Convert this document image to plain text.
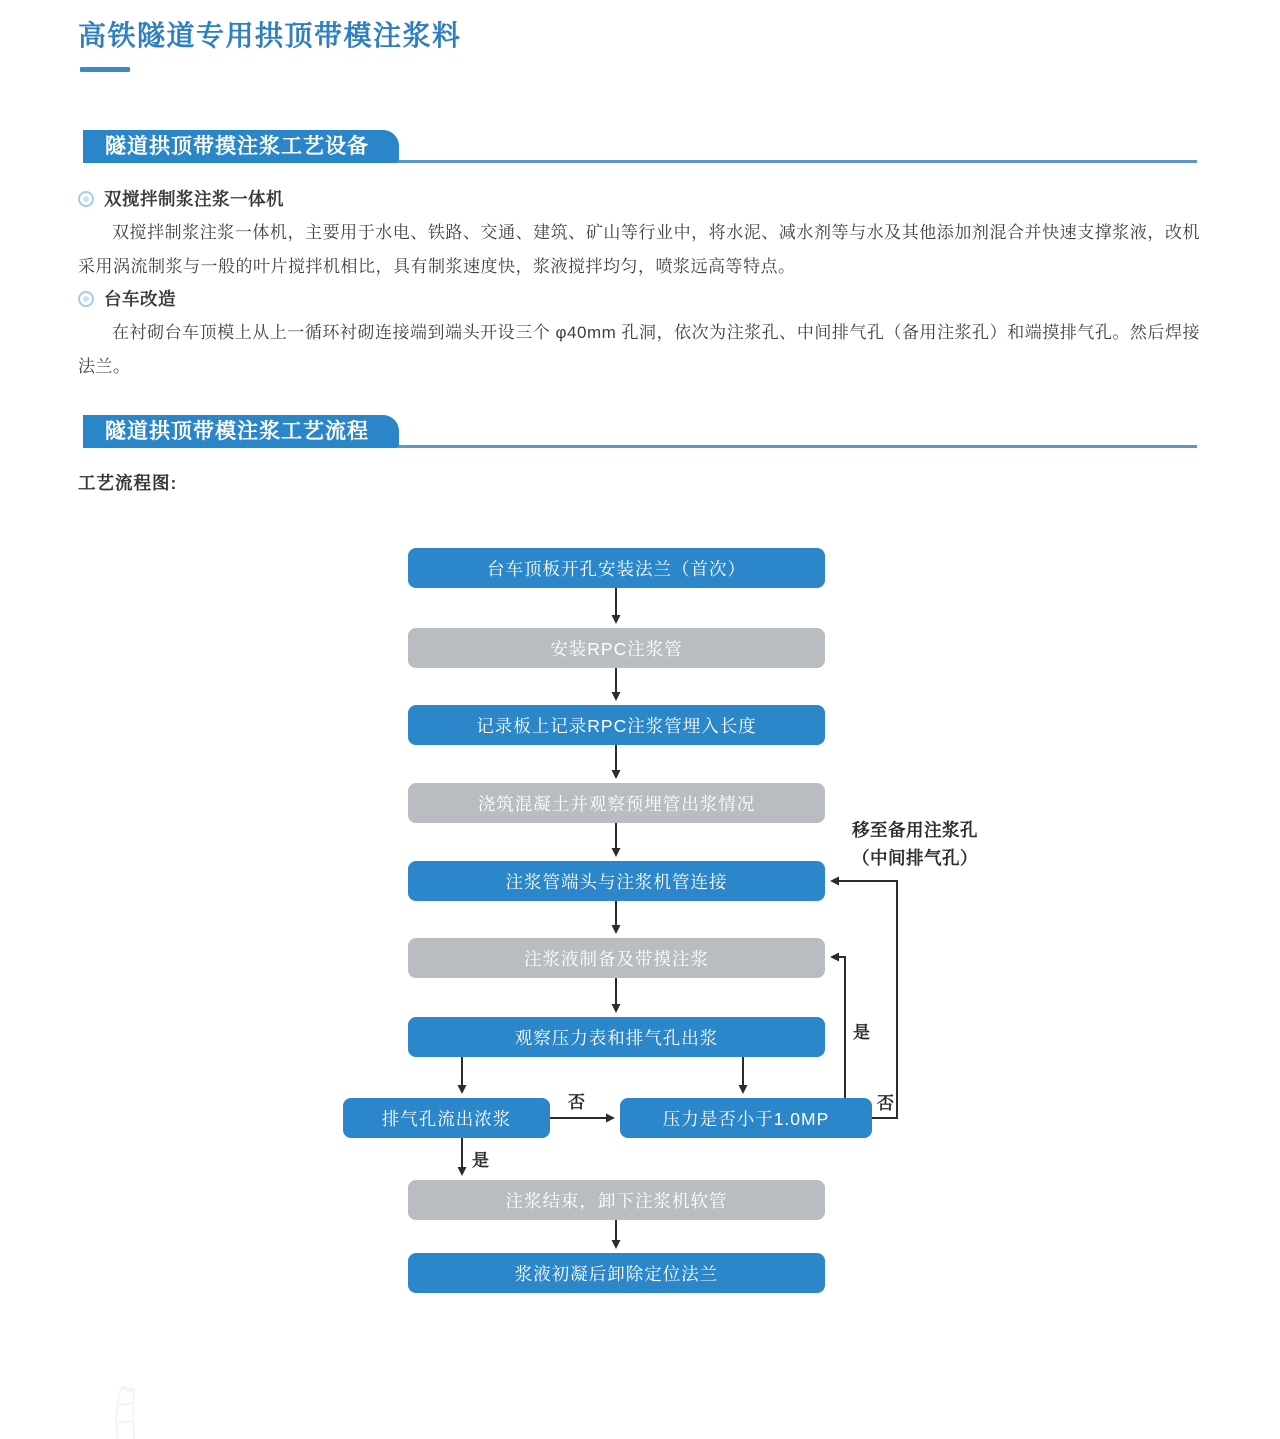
高铁隧道专用拱顶带模注浆料
隧道拱顶带摸注浆工艺设备
双搅拌制浆注浆一体机
双搅拌制浆注浆一体机，主要用于水电、铁路、交通、建筑、矿山等行业中，将水泥、减水剂等与水及其他添加剂混合并快速支撑浆液，改机采用涡流制浆与一般的叶片搅拌机相比，具有制浆速度快，浆液搅拌均匀，喷浆远高等特点。
台车改造
在衬砌台车顶模上从上一循环衬砌连接端到端头开设三个 φ40mm 孔洞，依次为注浆孔、中间排气孔（备用注浆孔）和端摸排气孔。然后焊接法兰。
隧道拱顶带模注浆工艺流程
工艺流程图:
台车顶板开孔安装法兰（首次）
安装RPC注浆管
记录板上记录RPC注浆管埋入长度
浇筑混凝土并观察预埋管出浆情况
注浆管端头与注浆机管连接
注浆液制备及带摸注浆
观察压力表和排气孔出浆
排气孔流出浓浆	压力是否小于1.0MP
注浆结束，卸下注浆机软管
浆液初凝后卸除定位法兰
否
是
是
否
移至备用注浆孔
（中间排气孔）
